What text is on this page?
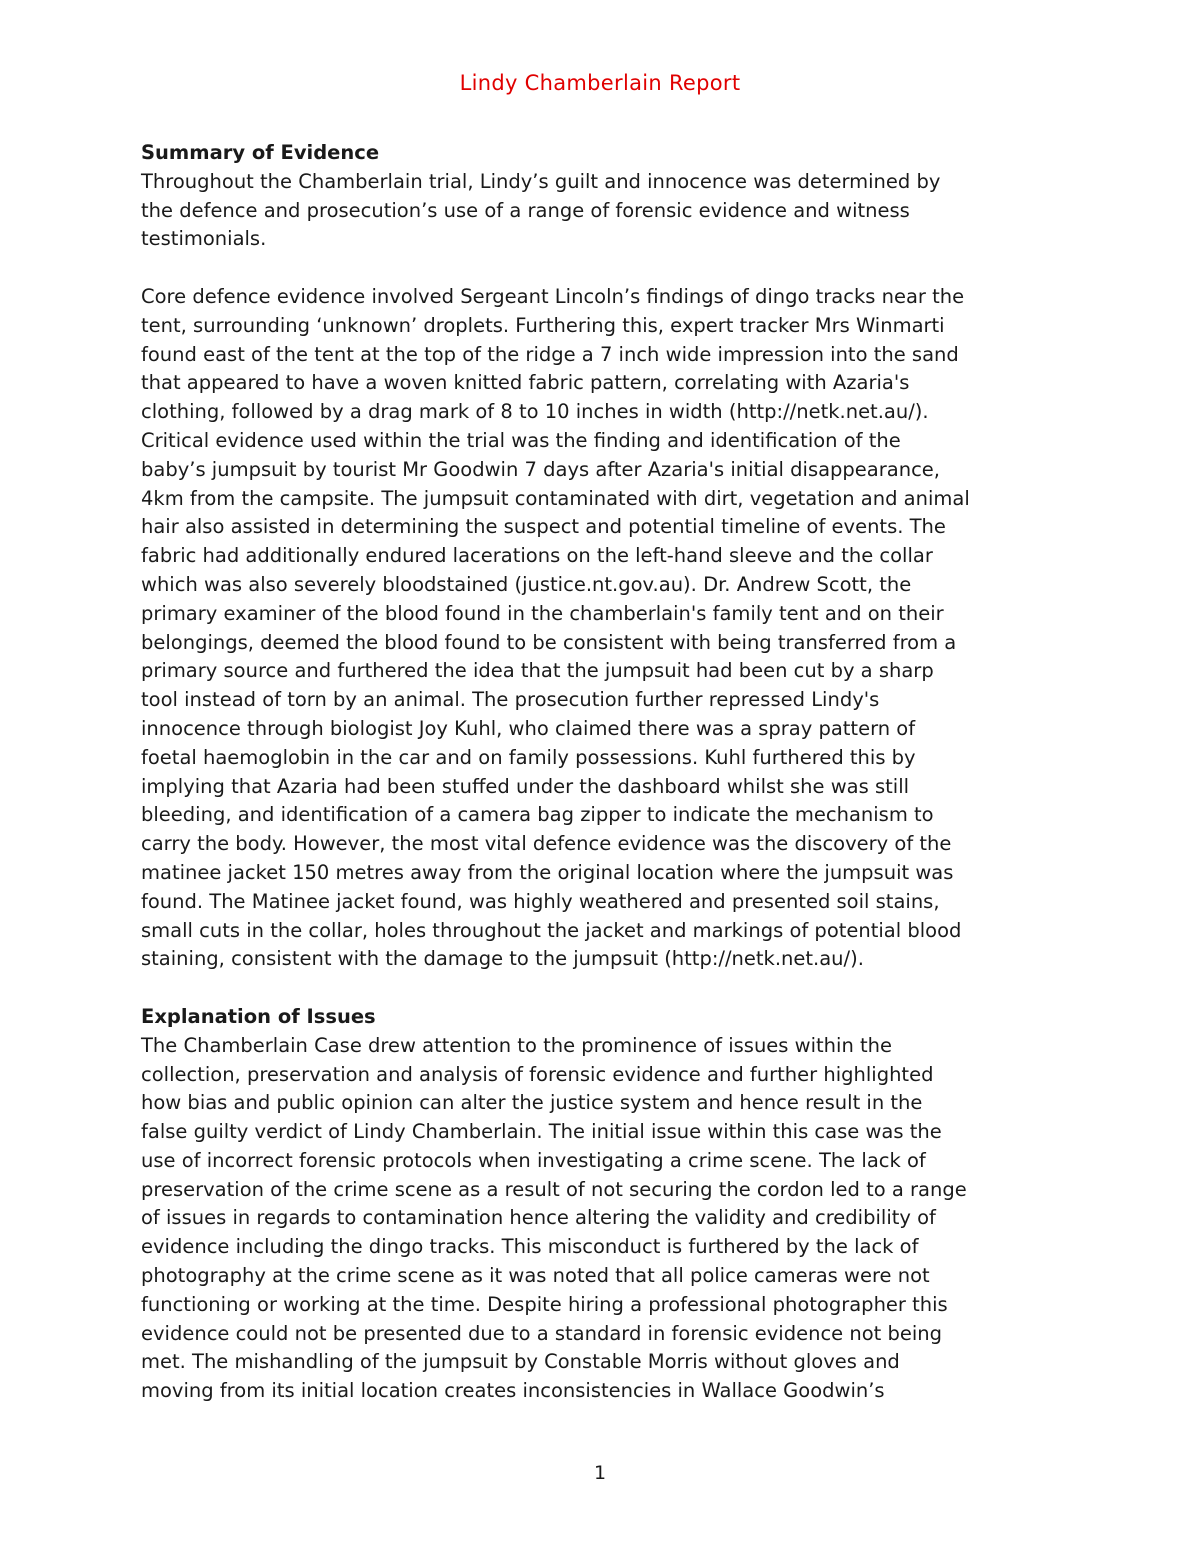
Lindy Chamberlain Report
Summary of Evidence
Throughout the Chamberlain trial, Lindy’s guilt and innocence was determined by
the defence and prosecution’s use of a range of forensic evidence and witness
testimonials.
Core defence evidence involved Sergeant Lincoln’s findings of dingo tracks near the
tent, surrounding ‘unknown’ droplets. Furthering this, expert tracker Mrs Winmarti
found east of the tent at the top of the ridge a 7 inch wide impression into the sand
that appeared to have a woven knitted fabric pattern, correlating with Azaria's
clothing, followed by a drag mark of 8 to 10 inches in width (http://netk.net.au/).
Critical evidence used within the trial was the finding and identification of the
baby’s jumpsuit by tourist Mr Goodwin 7 days after Azaria's initial disappearance,
4km from the campsite. The jumpsuit contaminated with dirt, vegetation and animal
hair also assisted in determining the suspect and potential timeline of events. The
fabric had additionally endured lacerations on the left-hand sleeve and the collar
which was also severely bloodstained (justice.nt.gov.au). Dr. Andrew Scott, the
primary examiner of the blood found in the chamberlain's family tent and on their
belongings, deemed the blood found to be consistent with being transferred from a
primary source and furthered the idea that the jumpsuit had been cut by a sharp
tool instead of torn by an animal. The prosecution further repressed Lindy's
innocence through biologist Joy Kuhl, who claimed there was a spray pattern of
foetal haemoglobin in the car and on family possessions. Kuhl furthered this by
implying that Azaria had been stuffed under the dashboard whilst she was still
bleeding, and identification of a camera bag zipper to indicate the mechanism to
carry the body. However, the most vital defence evidence was the discovery of the
matinee jacket 150 metres away from the original location where the jumpsuit was
found. The Matinee jacket found, was highly weathered and presented soil stains,
small cuts in the collar, holes throughout the jacket and markings of potential blood
staining, consistent with the damage to the jumpsuit (http://netk.net.au/).
Explanation of Issues
The Chamberlain Case drew attention to the prominence of issues within the
collection, preservation and analysis of forensic evidence and further highlighted
how bias and public opinion can alter the justice system and hence result in the
false guilty verdict of Lindy Chamberlain. The initial issue within this case was the
use of incorrect forensic protocols when investigating a crime scene. The lack of
preservation of the crime scene as a result of not securing the cordon led to a range
of issues in regards to contamination hence altering the validity and credibility of
evidence including the dingo tracks. This misconduct is furthered by the lack of
photography at the crime scene as it was noted that all police cameras were not
functioning or working at the time. Despite hiring a professional photographer this
evidence could not be presented due to a standard in forensic evidence not being
met. The mishandling of the jumpsuit by Constable Morris without gloves and
moving from its initial location creates inconsistencies in Wallace Goodwin’s
1
